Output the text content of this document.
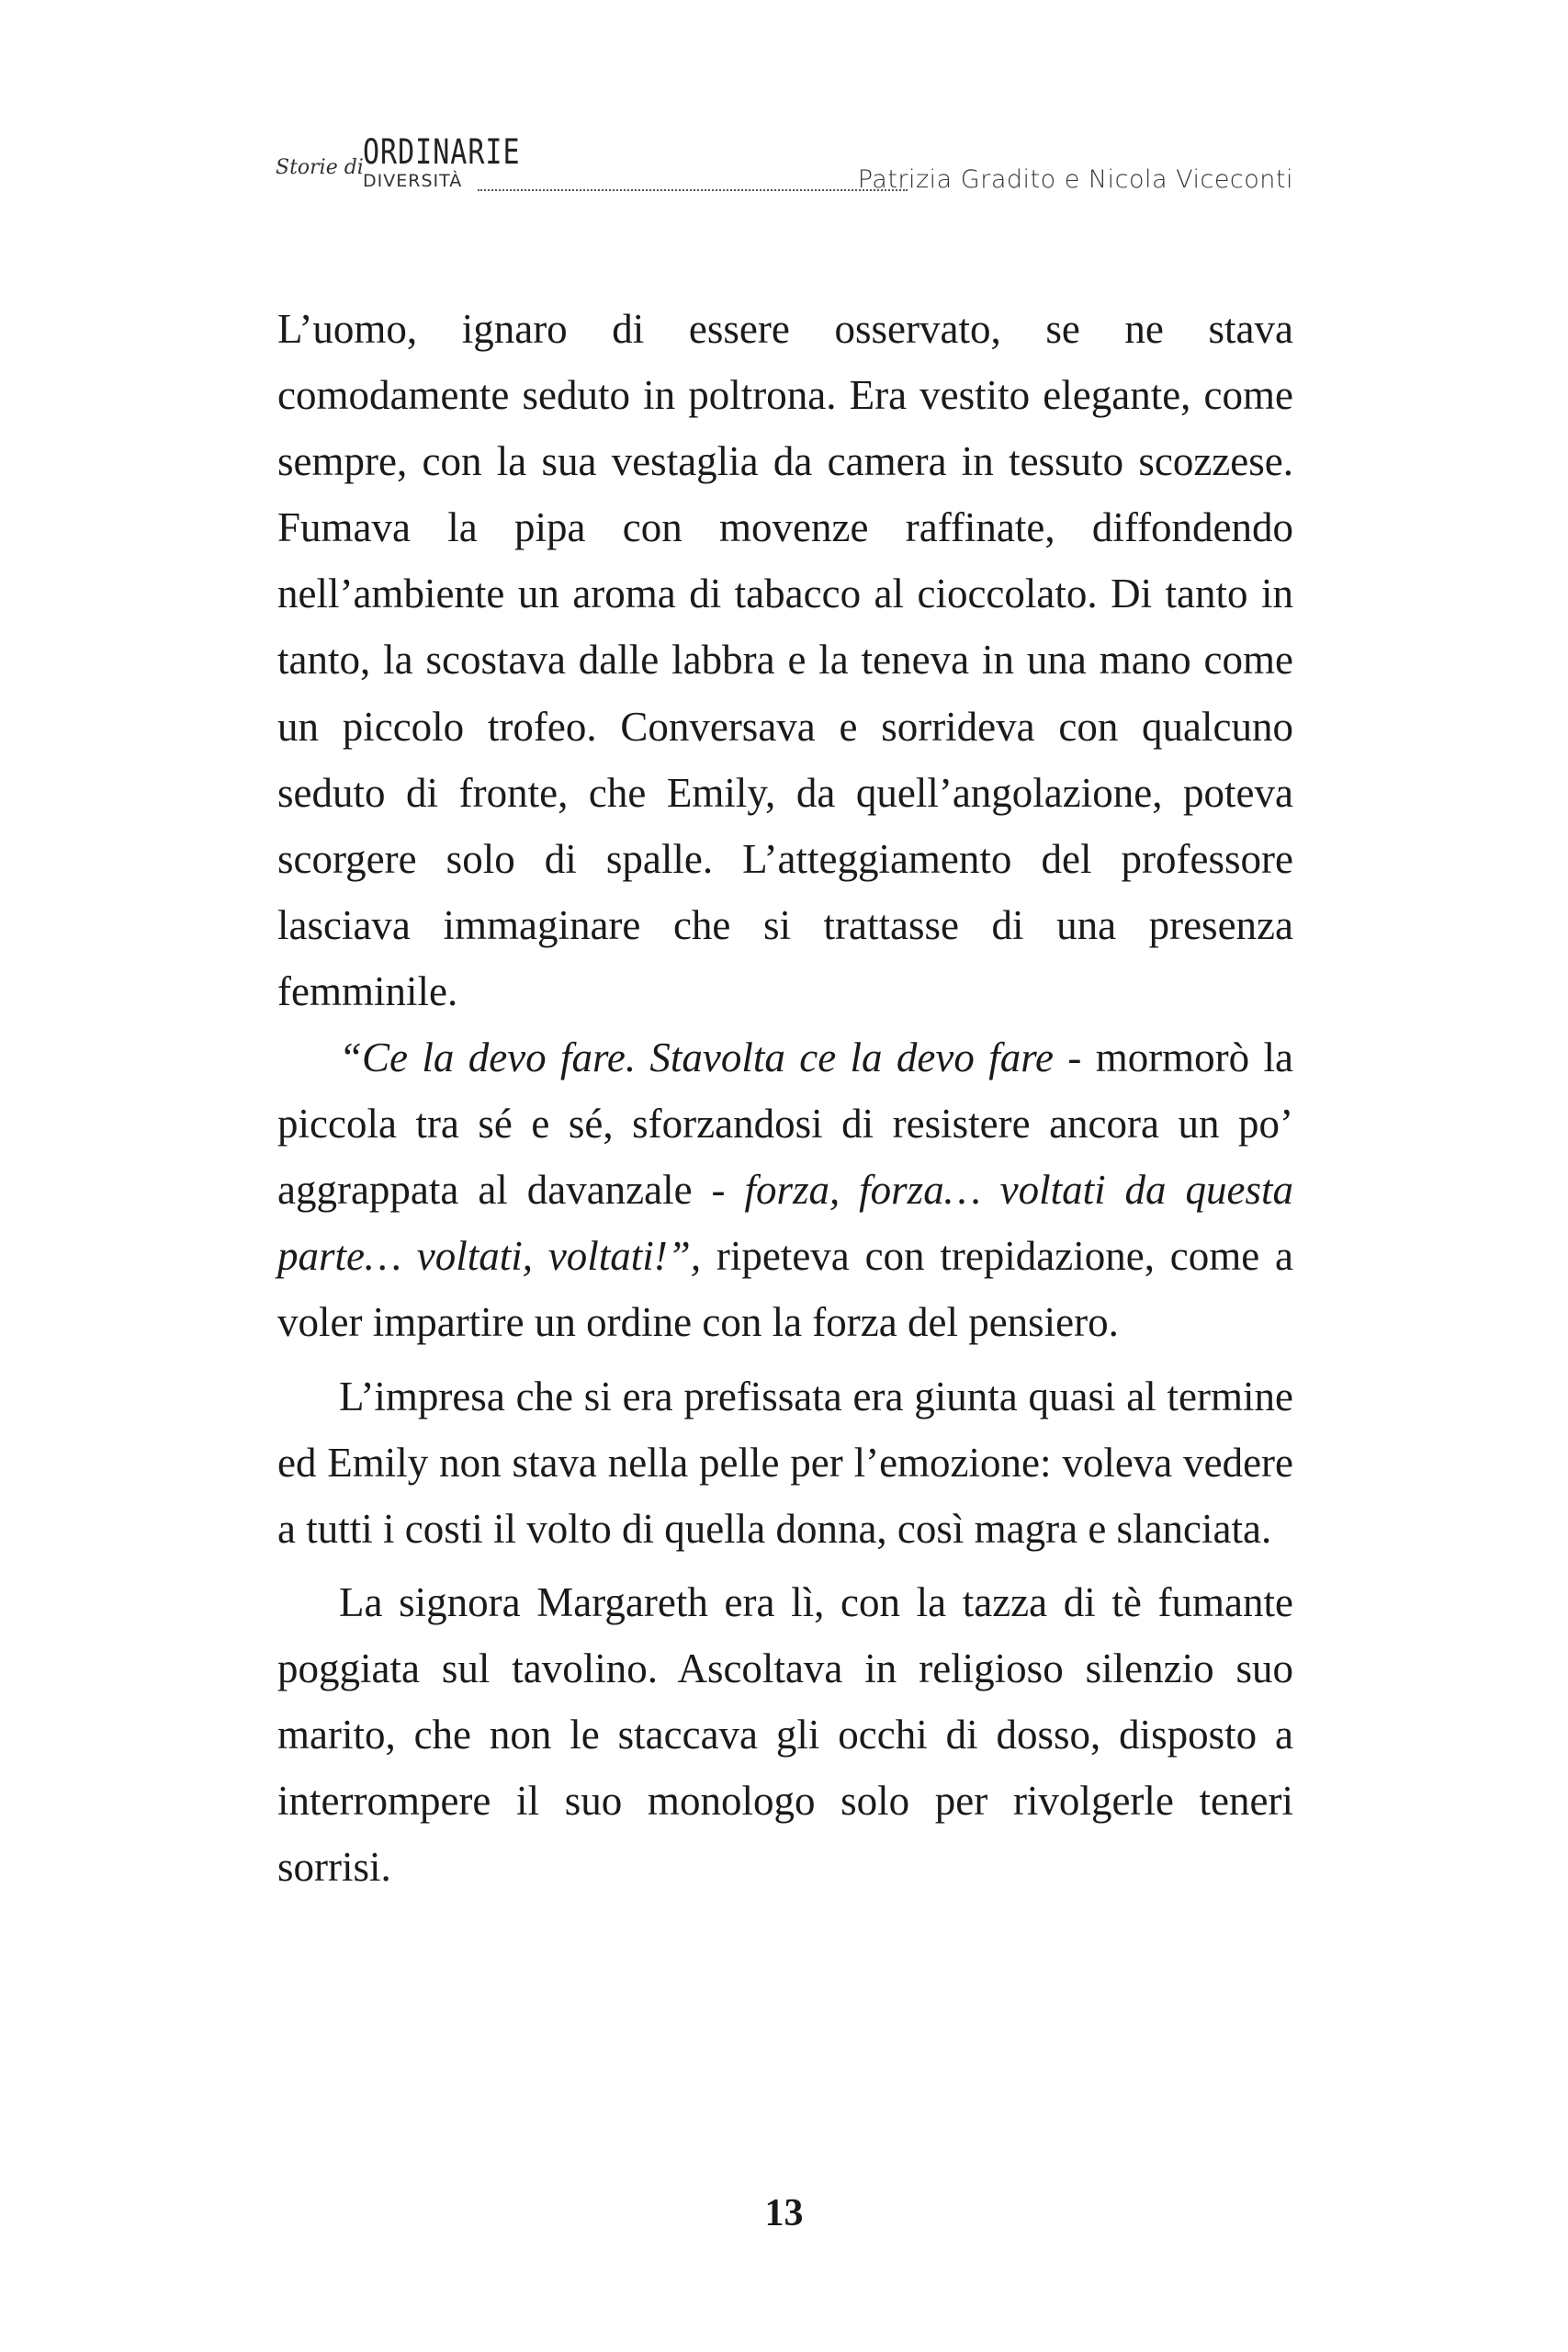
Storie di ORDINARIE
DIVERSITÀ	Patrizia Gradito e Nicola Viceconti

L’uomo, ignaro di essere osservato, se ne stava comodamente seduto in poltrona. Era vestito elegante, come sempre, con la sua vestaglia da camera in tessuto scozzese. Fumava la pipa con movenze raffinate, diffondendo nell’ambiente un aroma di tabacco al cioccolato. Di tanto in tanto, la scostava dalle labbra e la teneva in una mano come un piccolo trofeo. Conversava e sorrideva con qualcuno seduto di fronte, che Emily, da quell’angolazione, poteva scorgere solo di spalle. L’atteggiamento del professore lasciava immaginare che si trattasse di una presenza femminile.

“Ce la devo fare. Stavolta ce la devo fare - mormorò la piccola tra sé e sé, sforzandosi di resistere ancora un po’ aggrappata al davanzale - forza, forza… voltati da questa parte… voltati, voltati!”, ripeteva con trepidazione, come a voler impartire un ordine con la forza del pensiero.

L’impresa che si era prefissata era giunta quasi al termine ed Emily non stava nella pelle per l’emozione: voleva vedere a tutti i costi il volto di quella donna, così magra e slanciata.

La signora Margareth era lì, con la tazza di tè fumante poggiata sul tavolino. Ascoltava in religioso silenzio suo marito, che non le staccava gli occhi di dosso, disposto a interrompere il suo monologo solo per rivolgerle teneri sorrisi.

13
